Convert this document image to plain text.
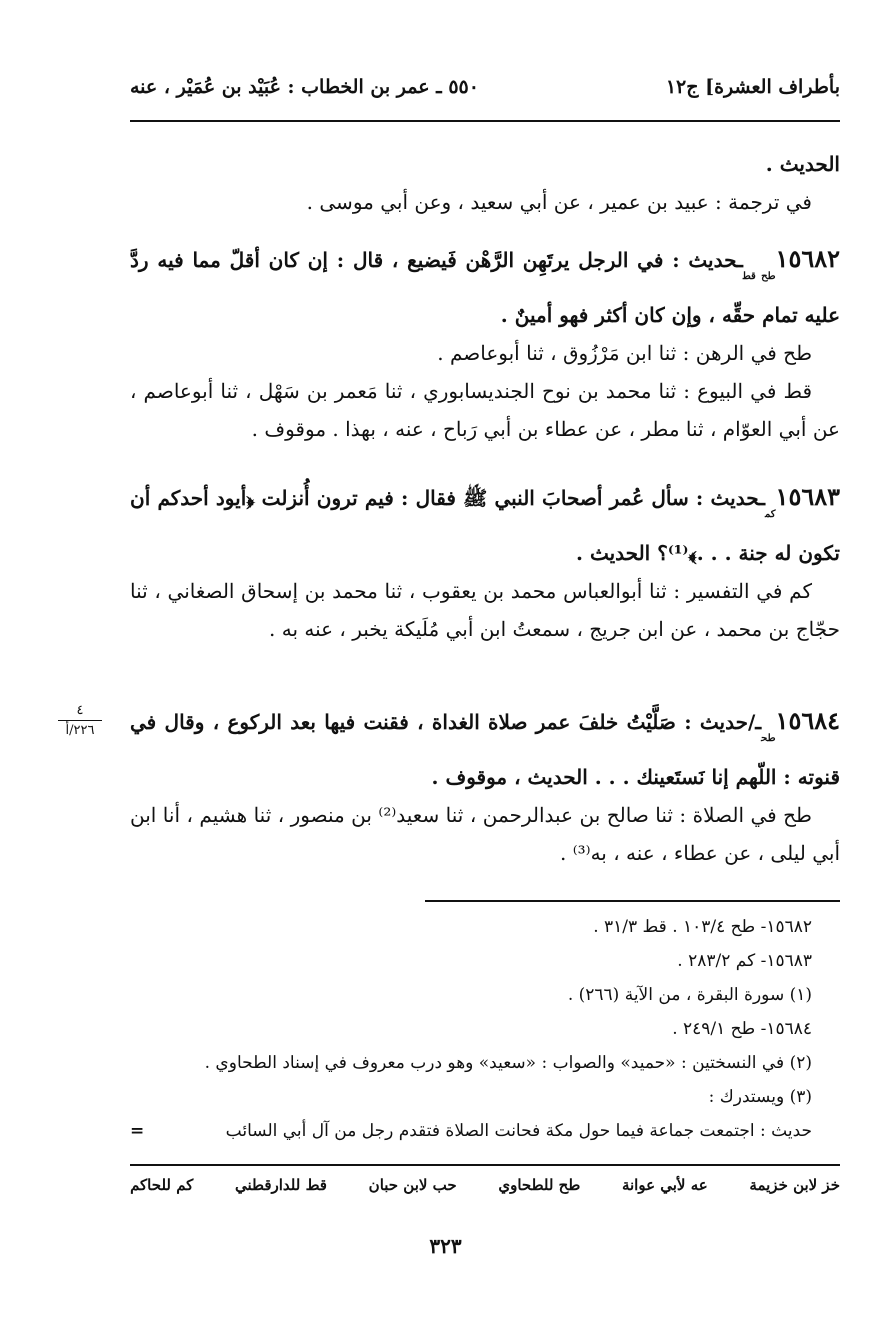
بأطراف العشرة] ج١٢
٥٥٠ ـ عمر بن الخطاب : عُبَيْد بن عُمَيْر ، عنه
الحديث .
في ترجمة : عبيد بن عمير ، عن أبي سعيد ، وعن أبي موسى .
$١٥٦٨٢_{طح قط}ـحديث$ : في الرجل يرتَهِن الرَّهْن فَيضيع ، قال : إن كان أقلّ مما فيه ردَّ عليه تمام حقِّه ، وإن كان أكثر فهو أمينٌ .
طح في الرهن : ثنا ابن مَرْزُوق ، ثنا أبوعاصم .
قط في البيوع : ثنا محمد بن نوح الجنديسابوري ، ثنا مَعمر بن سَهْل ، ثنا أبوعاصم ، عن أبي العوّام ، ثنا مطر ، عن عطاء بن أبي رَباح ، عنه ، بهذا . موقوف .
$١٥٦٨٣_{كم}ـحديث$ : سأل عُمر أصحابَ النبي ﷺ فقال : فيم ترون أُنزلت ﴿أيود أحدكم أن تكون له جنة . . .﴾⁽¹⁾؟ الحديث .
كم في التفسير : ثنا أبوالعباس محمد بن يعقوب ، ثنا محمد بن إسحاق الصغاني ، ثنا حجّاج بن محمد ، عن ابن جريج ، سمعتُ ابن أبي مُلَيكة يخبر ، عنه به .
$١٥٦٨٤_{طح}ـ$/حديث : صَلَّيْتُ خلفَ عمر صلاة الغداة ، فقنت فيها بعد الركوع ، وقال في قنوته : اللّهم إنا نَستَعينك . . . الحديث ، موقوف .
طح في الصلاة : ثنا صالح بن عبدالرحمن ، ثنا سعيد⁽²⁾ بن منصور ، ثنا هشيم ، أنا ابن أبي ليلى ، عن عطاء ، عنه ، به⁽³⁾ .
٤
٢٢٦/أ
١٥٦٨٢- طح ١٠٣/٤ . قط ٣١/٣ .
١٥٦٨٣- كم ٢٨٣/٢ .
(١) سورة البقرة ، من الآية (٢٦٦) .
١٥٦٨٤- طح ٢٤٩/١ .
(٢) في النسختين : «حميد» والصواب : «سعيد» وهو درب معروف في إسناد الطحاوي .
(٣) ويستدرك :
حديث : اجتمعت جماعة فيما حول مكة فحانت الصلاة فتقدم رجل من آل أبي السائب
=
خز لابن خزيمة
عه لأبي عوانة
طح للطحاوي
حب لابن حبان
قط للدارقطني
كم للحاكم
٣٢٣
